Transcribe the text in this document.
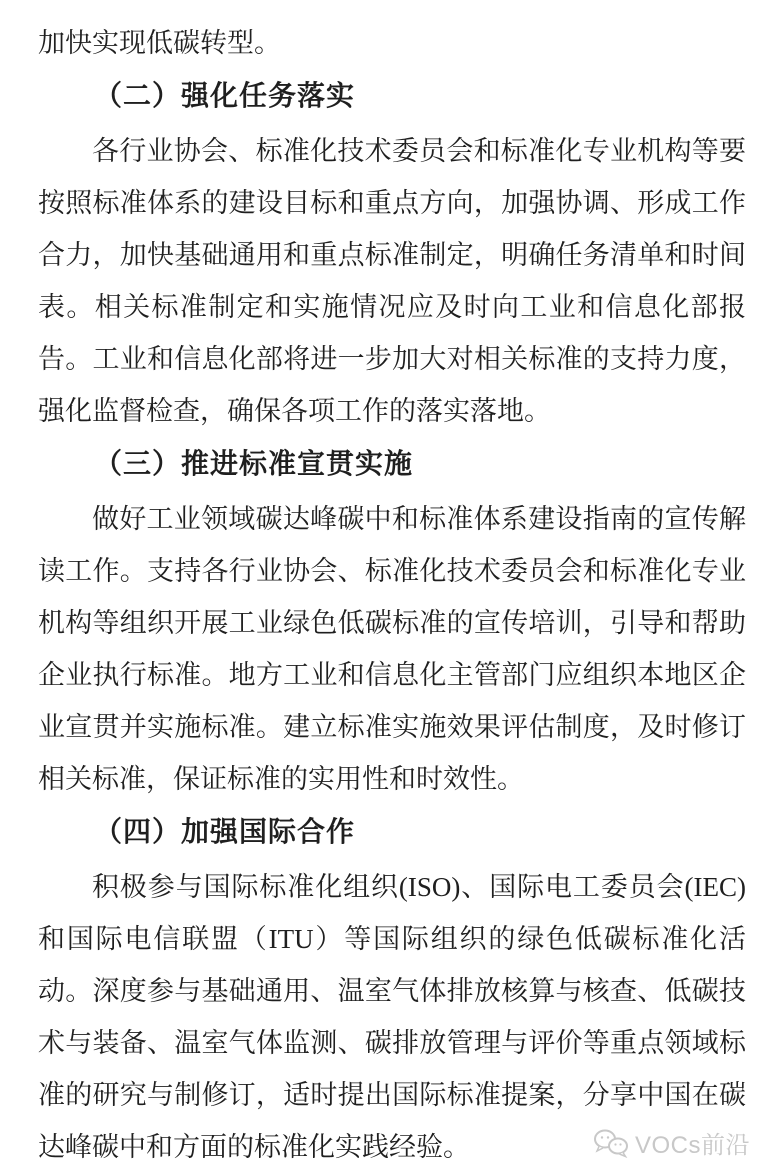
加快实现低碳转型。

（二）强化任务落实

各行业协会、标准化技术委员会和标准化专业机构等要按照标准体系的建设目标和重点方向，加强协调、形成工作合力，加快基础通用和重点标准制定，明确任务清单和时间表。相关标准制定和实施情况应及时向工业和信息化部报告。工业和信息化部将进一步加大对相关标准的支持力度，强化监督检查，确保各项工作的落实落地。

（三）推进标准宣贯实施

做好工业领域碳达峰碳中和标准体系建设指南的宣传解读工作。支持各行业协会、标准化技术委员会和标准化专业机构等组织开展工业绿色低碳标准的宣传培训，引导和帮助企业执行标准。地方工业和信息化主管部门应组织本地区企业宣贯并实施标准。建立标准实施效果评估制度，及时修订相关标准，保证标准的实用性和时效性。

（四）加强国际合作

积极参与国际标准化组织(ISO)、国际电工委员会(IEC)和国际电信联盟（ITU）等国际组织的绿色低碳标准化活动。深度参与基础通用、温室气体排放核算与核查、低碳技术与装备、温室气体监测、碳排放管理与评价等重点领域标准的研究与制修订，适时提出国际标准提案，分享中国在碳达峰碳中和方面的标准化实践经验。	VOCs前沿
